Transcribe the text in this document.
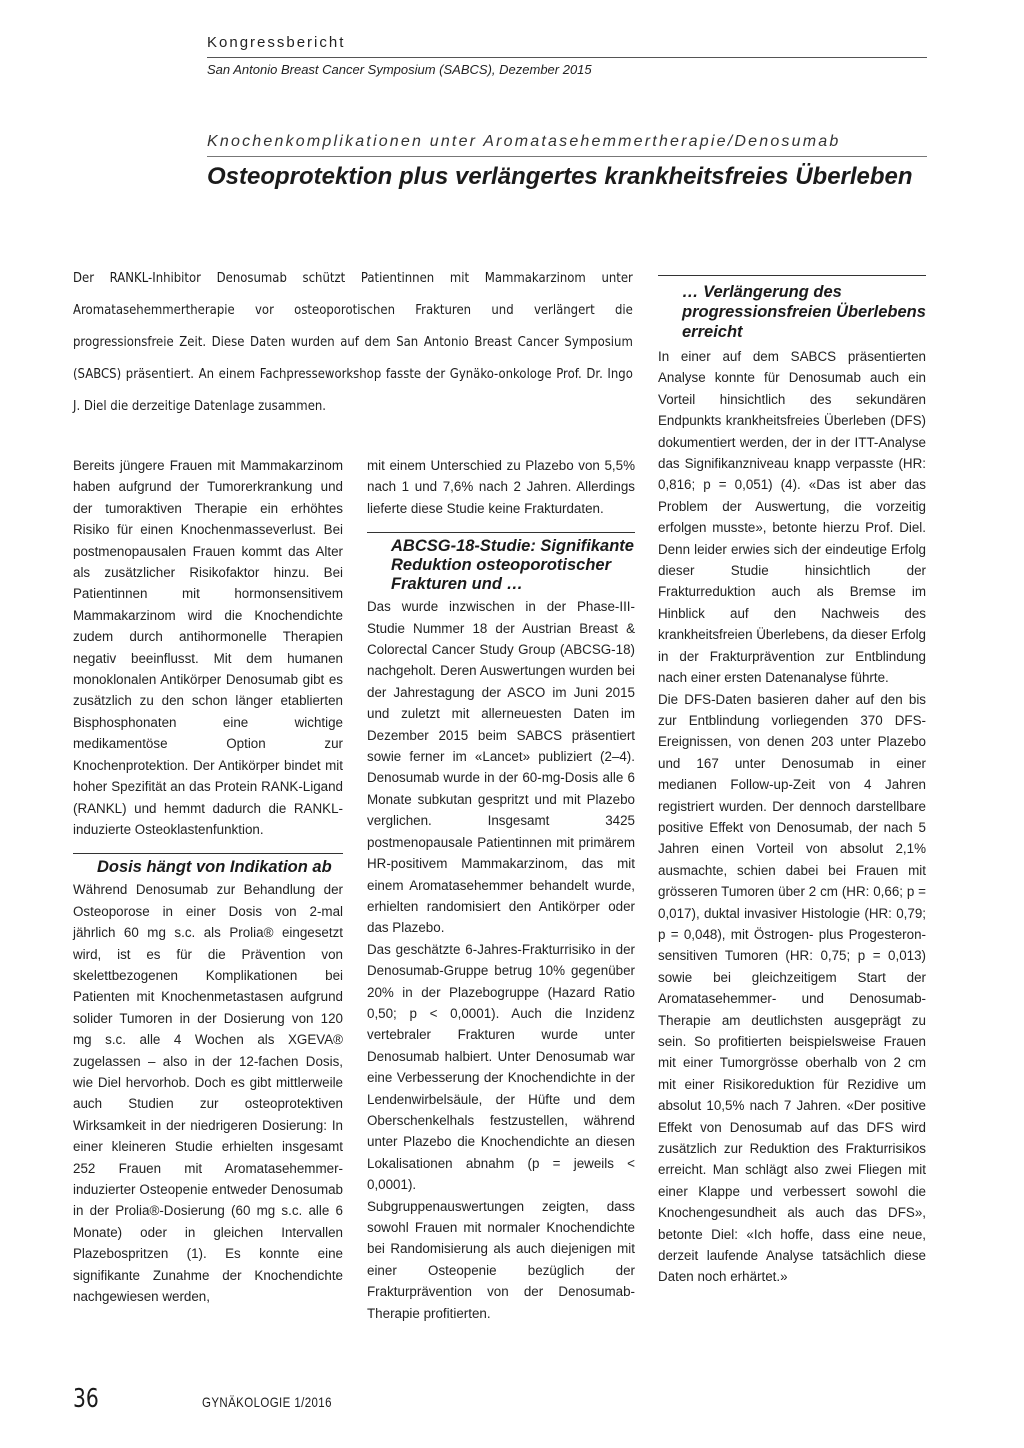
Kongressbericht
San Antonio Breast Cancer Symposium (SABCS), Dezember 2015
Knochenkomplikationen unter Aromatasehemmertherapie/Denosumab
Osteoprotektion plus verlängertes krankheitsfreies Überleben
Der RANKL-Inhibitor Denosumab schützt Patientinnen mit Mammakarzinom unter Aromatasehemmertherapie vor osteoporotischen Frakturen und verlängert die progressionsfreie Zeit. Diese Daten wurden auf dem San Antonio Breast Cancer Symposium (SABCS) präsentiert. An einem Fachpresseworkshop fasste der Gynäko-onkologe Prof. Dr. Ingo J. Diel die derzeitige Datenlage zusammen.

Bereits jüngere Frauen mit Mammakarzinom haben aufgrund der Tumorerkrankung und der tumoraktiven Therapie ein erhöhtes Risiko für einen Knochenmasseverlust. Bei postmenopausalen Frauen kommt das Alter als zusätzlicher Risikofaktor hinzu. Bei Patientinnen mit hormonsensitivem Mammakarzinom wird die Knochendichte zudem durch antihormonelle Therapien negativ beeinflusst. Mit dem humanen monoklonalen Antikörper Denosumab gibt es zusätzlich zu den schon länger etablierten Bisphosphonaten eine wichtige medikamentöse Option zur Knochenprotektion. Der Antikörper bindet mit hoher Spezifität an das Protein RANK-Ligand (RANKL) und hemmt dadurch die RANKL-induzierte Osteoklastenfunktion.

Dosis hängt von Indikation ab

Während Denosumab zur Behandlung der Osteoporose in einer Dosis von 2-mal jährlich 60 mg s.c. als Prolia® eingesetzt wird, ist es für die Prävention von skelettbezogenen Komplikationen bei Patienten mit Knochenmetastasen aufgrund solider Tumoren in der Dosierung von 120 mg s.c. alle 4 Wochen als XGEVA® zugelassen – also in der 12-fachen Dosis, wie Diel hervorhob. Doch es gibt mittlerweile auch Studien zur osteoprotektiven Wirksamkeit in der niedrigeren Dosierung: In einer kleineren Studie erhielten insgesamt 252 Frauen mit Aromatasehemmer-induzierter Osteopenie entweder Denosumab in der Prolia®-Dosierung (60 mg s.c. alle 6 Monate) oder in gleichen Intervallen Plazebospritzen (1). Es konnte eine signifikante Zunahme der Knochendichte nachgewiesen werden,

mit einem Unterschied zu Plazebo von 5,5% nach 1 und 7,6% nach 2 Jahren. Allerdings lieferte diese Studie keine Frakturdaten.

ABCSG-18-Studie: Signifikante Reduktion osteoporotischer Frakturen und …

Das wurde inzwischen in der Phase-III-Studie Nummer 18 der Austrian Breast & Colorectal Cancer Study Group (ABCSG-18) nachgeholt. Deren Auswertungen wurden bei der Jahrestagung der ASCO im Juni 2015 und zuletzt mit allerneuesten Daten im Dezember 2015 beim SABCS präsentiert sowie ferner im «Lancet» publiziert (2–4). Denosumab wurde in der 60-mg-Dosis alle 6 Monate subkutan gespritzt und mit Plazebo verglichen. Insgesamt 3425 postmenopausale Patientinnen mit primärem HR-positivem Mammakarzinom, das mit einem Aromatasehemmer behandelt wurde, erhielten randomisiert den Antikörper oder das Plazebo.

Das geschätzte 6-Jahres-Frakturrisiko in der Denosumab-Gruppe betrug 10% gegenüber 20% in der Plazebogruppe (Hazard Ratio 0,50; p < 0,0001). Auch die Inzidenz vertebraler Frakturen wurde unter Denosumab halbiert. Unter Denosumab war eine Verbesserung der Knochendichte in der Lendenwirbelsäule, der Hüfte und dem Oberschenkelhals festzustellen, während unter Plazebo die Knochendichte an diesen Lokalisationen abnahm (p = jeweils < 0,0001).

Subgruppenauswertungen zeigten, dass sowohl Frauen mit normaler Knochendichte bei Randomisierung als auch diejenigen mit einer Osteopenie bezüglich der Frakturprävention von der Denosumab-Therapie profitierten.

… Verlängerung des progressionsfreien Überlebens erreicht

In einer auf dem SABCS präsentierten Analyse konnte für Denosumab auch ein Vorteil hinsichtlich des sekundären Endpunkts krankheitsfreies Überleben (DFS) dokumentiert werden, der in der ITT-Analyse das Signifikanzniveau knapp verpasste (HR: 0,816; p = 0,051) (4). «Das ist aber das Problem der Auswertung, die vorzeitig erfolgen musste», betonte hierzu Prof. Diel. Denn leider erwies sich der eindeutige Erfolg dieser Studie hinsichtlich der Frakturreduktion auch als Bremse im Hinblick auf den Nachweis des krankheitsfreien Überlebens, da dieser Erfolg in der Frakturprävention zur Entblindung nach einer ersten Datenanalyse führte.

Die DFS-Daten basieren daher auf den bis zur Entblindung vorliegenden 370 DFS-Ereignissen, von denen 203 unter Plazebo und 167 unter Denosumab in einer medianen Follow-up-Zeit von 4 Jahren registriert wurden. Der dennoch darstellbare positive Effekt von Denosumab, der nach 5 Jahren einen Vorteil von absolut 2,1% ausmachte, schien dabei bei Frauen mit grösseren Tumoren über 2 cm (HR: 0,66; p = 0,017), duktal invasiver Histologie (HR: 0,79; p = 0,048), mit Östrogen- plus Progesteron-sensitiven Tumoren (HR: 0,75; p = 0,013) sowie bei gleichzeitigem Start der Aromatasehemmer- und Denosumab-Therapie am deutlichsten ausgeprägt zu sein. So profitierten beispielsweise Frauen mit einer Tumorgrösse oberhalb von 2 cm mit einer Risikoreduktion für Rezidive um absolut 10,5% nach 7 Jahren. «Der positive Effekt von Denosumab auf das DFS wird zusätzlich zur Reduktion des Frakturrisikos erreicht. Man schlägt also zwei Fliegen mit einer Klappe und verbessert sowohl die Knochengesundheit als auch das DFS», betonte Diel: «Ich hoffe, dass eine neue, derzeit laufende Analyse tatsächlich diese Daten noch erhärtet.»

36	GYNÄKOLOGIE 1/2016
